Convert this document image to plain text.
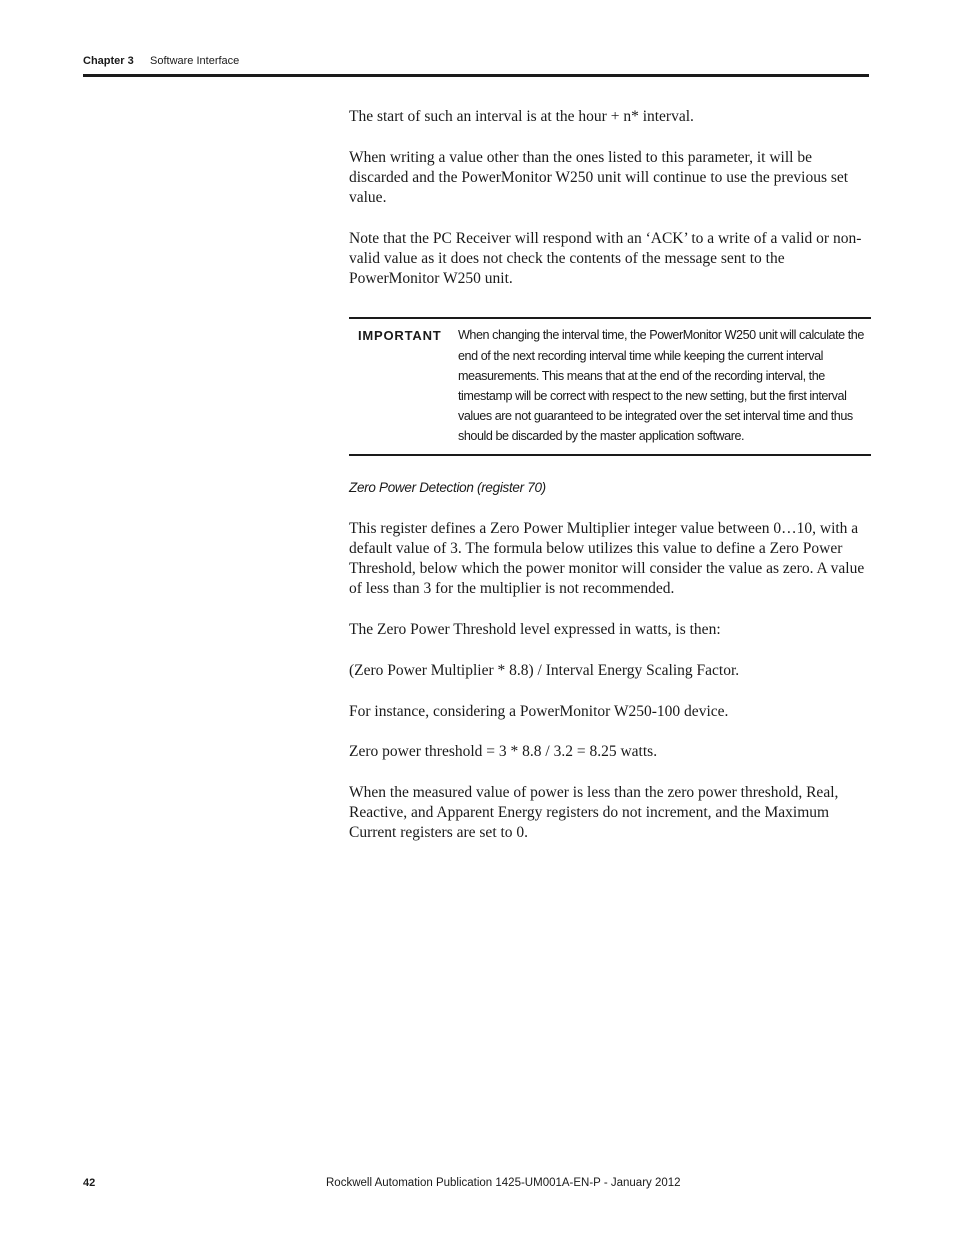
Chapter 3 Software Interface

The start of such an interval is at the hour + n* interval.

When writing a value other than the ones listed to this parameter, it will be discarded and the PowerMonitor W250 unit will continue to use the previous set value.

Note that the PC Receiver will respond with an ‘ACK’ to a write of a valid or non-valid value as it does not check the contents of the message sent to the PowerMonitor W250 unit.

IMPORTANT	When changing the interval time, the PowerMonitor W250 unit will calculate the end of the next recording interval time while keeping the current interval measurements. This means that at the end of the recording interval, the timestamp will be correct with respect to the new setting, but the first interval values are not guaranteed to be integrated over the set interval time and thus should be discarded by the master application software.

Zero Power Detection (register 70)

This register defines a Zero Power Multiplier integer value between 0…10, with a default value of 3. The formula below utilizes this value to define a Zero Power Threshold, below which the power monitor will consider the value as zero. A value of less than 3 for the multiplier is not recommended.

The Zero Power Threshold level expressed in watts, is then:

(Zero Power Multiplier * 8.8) / Interval Energy Scaling Factor.

For instance, considering a PowerMonitor W250-100 device.

Zero power threshold = 3 * 8.8 / 3.2 = 8.25 watts.

When the measured value of power is less than the zero power threshold, Real, Reactive, and Apparent Energy registers do not increment, and the Maximum Current registers are set to 0.

42	Rockwell Automation Publication 1425-UM001A-EN-P - January 2012
